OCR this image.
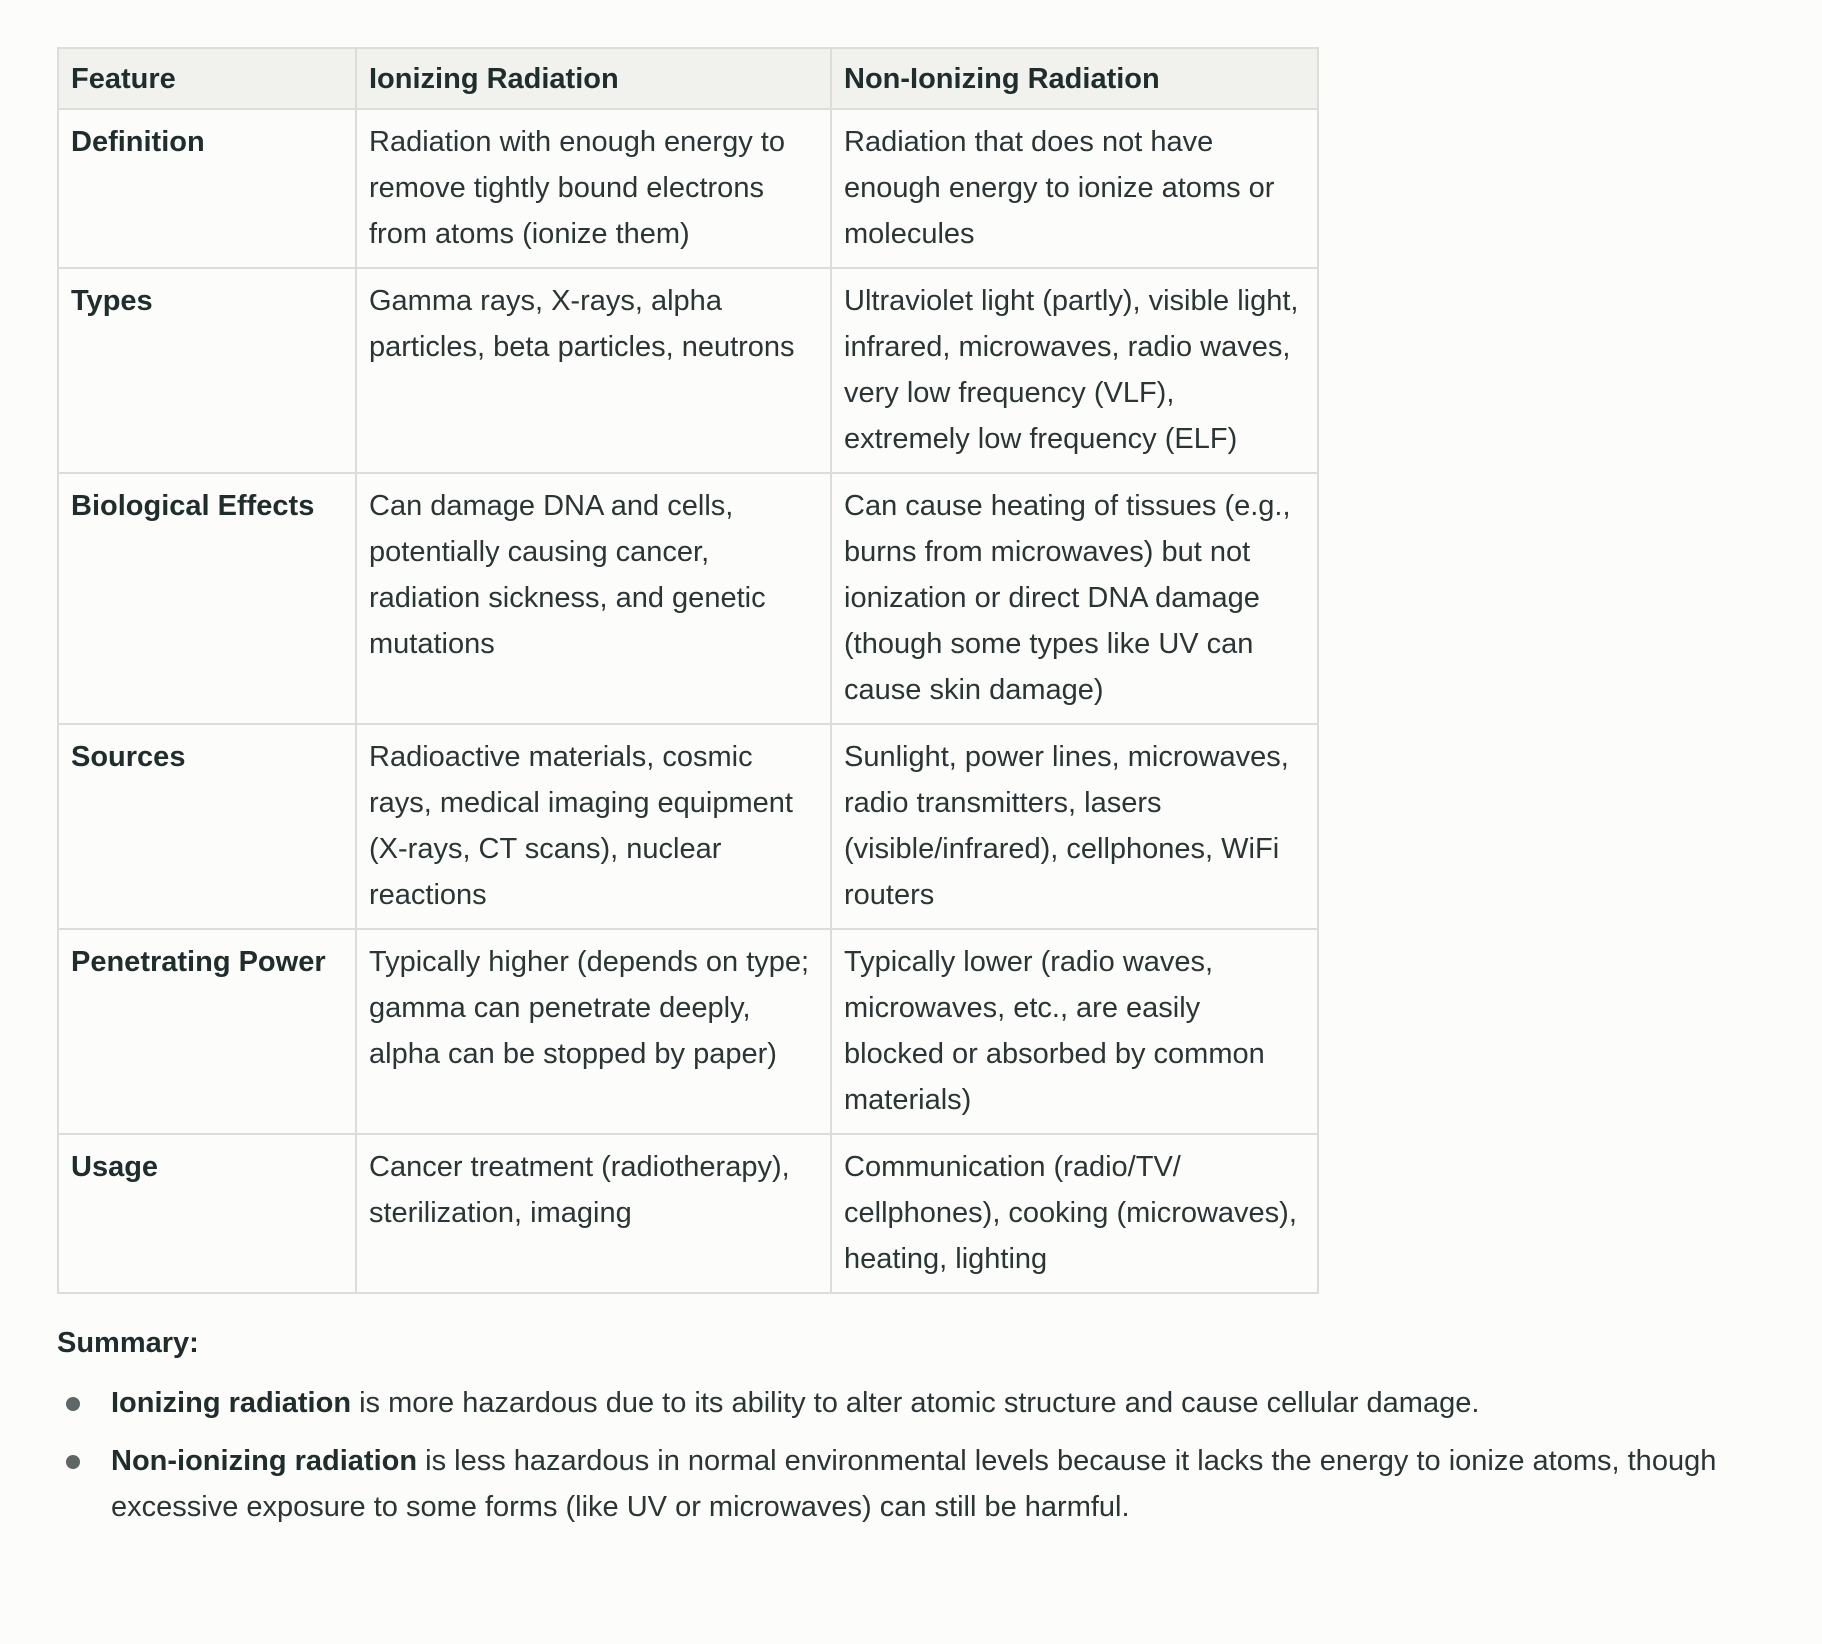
Feature	Ionizing Radiation	Non-Ionizing Radiation
Definition	Radiation with enough energy to remove tightly bound electrons from atoms (ionize them)	Radiation that does not have enough energy to ionize atoms or molecules
Types	Gamma rays, X-rays, alpha particles, beta particles, neutrons	Ultraviolet light (partly), visible light, infrared, microwaves, radio waves, very low frequency (VLF), extremely low frequency (ELF)
Biological Effects	Can damage DNA and cells, potentially causing cancer, radiation sickness, and genetic mutations	Can cause heating of tissues (e.g., burns from microwaves) but not ionization or direct DNA damage (though some types like UV can cause skin damage)
Sources	Radioactive materials, cosmic rays, medical imaging equipment (X-rays, CT scans), nuclear reactions	Sunlight, power lines, microwaves, radio transmitters, lasers (visible/infrared), cellphones, WiFi routers
Penetrating Power	Typically higher (depends on type; gamma can penetrate deeply, alpha can be stopped by paper)	Typically lower (radio waves, microwaves, etc., are easily blocked or absorbed by common materials)
Usage	Cancer treatment (radiotherapy), sterilization, imaging	Communication (radio/TV/ cellphones), cooking (microwaves), heating, lighting
Summary:
Ionizing radiation is more hazardous due to its ability to alter atomic structure and cause cellular damage.
Non-ionizing radiation is less hazardous in normal environmental levels because it lacks the energy to ionize atoms, though excessive exposure to some forms (like UV or microwaves) can still be harmful.
